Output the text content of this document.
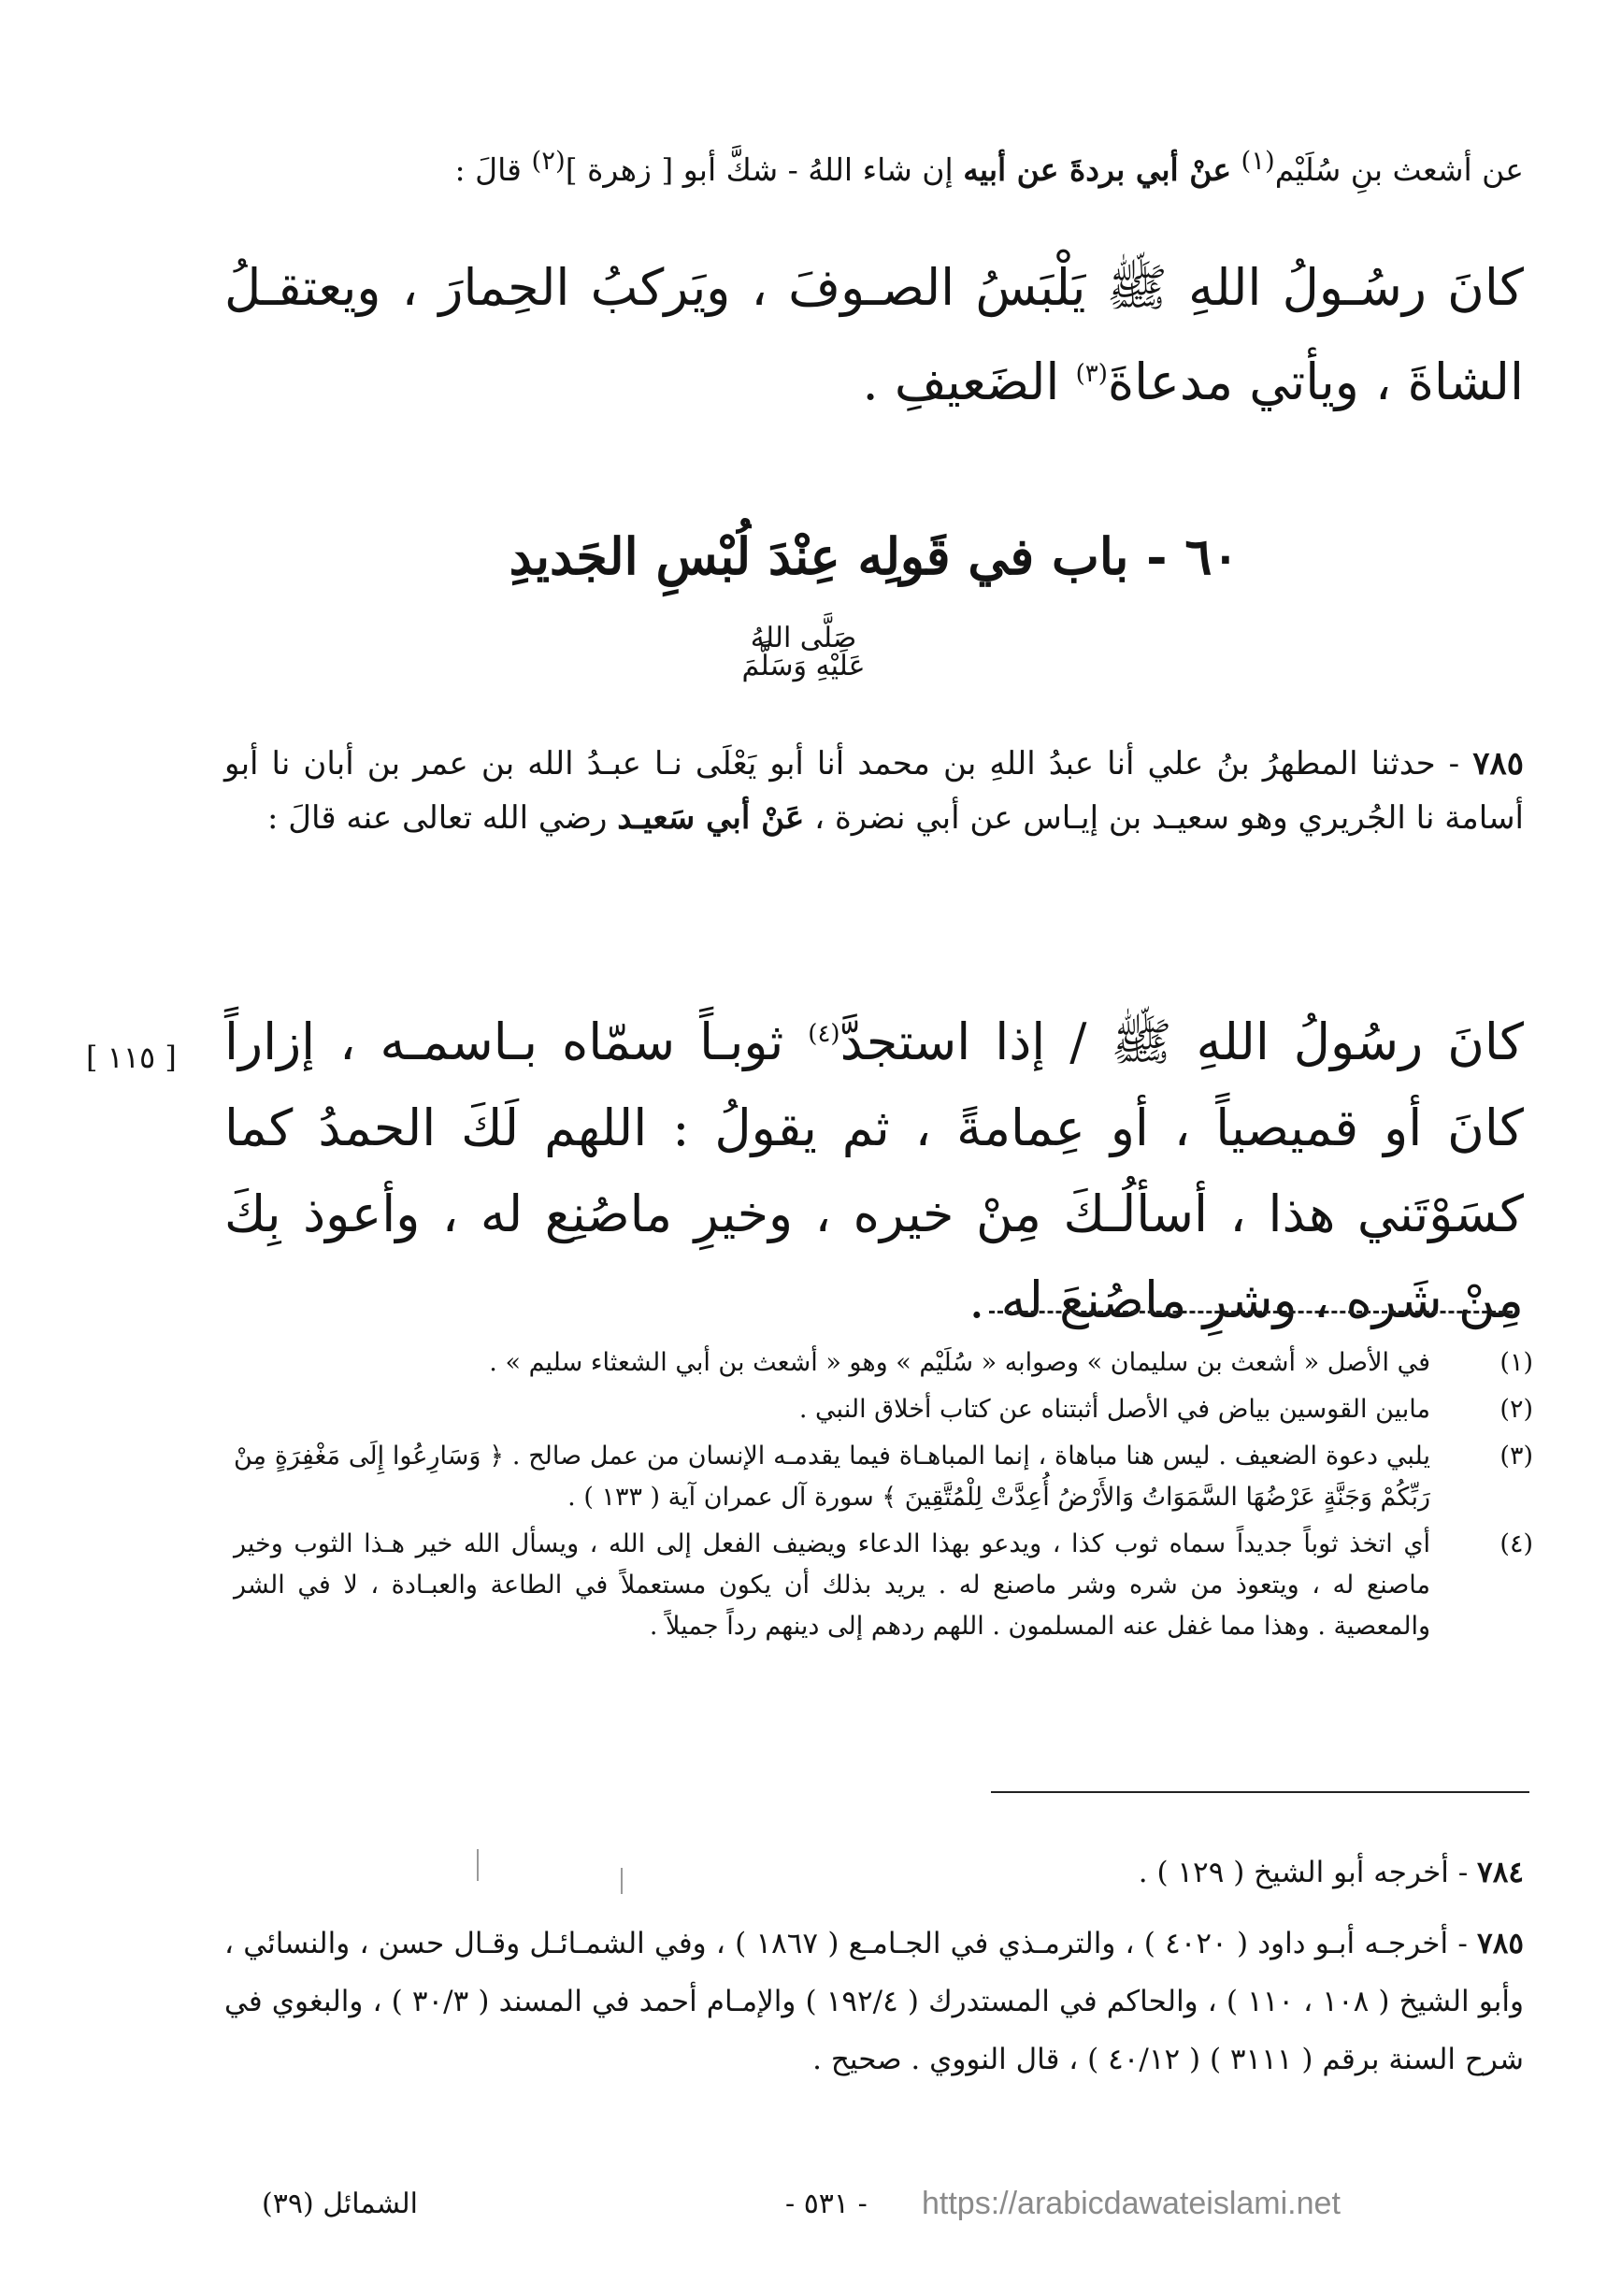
عن أشعث بنِ سُلَيْم$^{(١)}$ عنْ أبي بردةَ عن أبيه إن شاء اللهُ - شكَّ أبو [ زهرة ]$^{(٢)}$ قالَ :
كانَ رسُـولُ اللهِ ﷺ يَلْبَسُ الصـوفَ ، ويَركبُ الحِمارَ ، ويعتقـلُ الشاةَ ، ويأتي مدعاةَ$^{(٣)}$ الضَعيفِ .
٦٠ - باب في قَولِه عِنْدَ لُبْسِ الجَديدِ
صَلَّى اللهُ
عَلَيْهِ وَسَلَّمَ
٧٨٥ - حدثنا المطهرُ بنُ علي أنا عبدُ اللهِ بن محمد أنا أبو يَعْلَى نـا عبـدُ الله بن عمر بن أبان نا أبو أسامة نا الجُريري وهو سعيـد بن إيـاس عن أبي نضرة ، عَنْ أبي سَعيـد رضي الله تعالى عنه قالَ :
كانَ رسُولُ اللهِ ﷺ / إذا استجدَّ$^{(٤)}$ ثوبـاً سمّاه بـاسمـه ، إزاراً كانَ أو قميصياً ، أو عِمامةً ، ثم يقولُ : اللهم لَكَ الحمدُ كما كسَوْتَني هذا ، أسألُـكَ مِنْ خيره ، وخيرِ ماصُنِع له ، وأعوذ بِكَ مِنْ شَره ، وشرِ ماصُنعَ له .
[ ١١٥ ]
(١)
في الأصل « أشعث بن سليمان » وصوابه « سُلَيْم » وهو « أشعث بن أبي الشعثاء سليم » .
(٢)
مابين القوسين بياض في الأصل أثبتناه عن كتاب أخلاق النبي .
(٣)
يلبي دعوة الضعيف . ليس هنا مباهاة ، إنما المباهـاة فيما يقدمـه الإنسان من عمل صالح . ﴿ وَسَارِعُوا إِلَى مَغْفِرَةٍ مِنْ رَبِّكُمْ وَجَنَّةٍ عَرْضُهَا السَّمَوَاتُ وَالأَرْضُ أُعِدَّتْ لِلْمُتَّقِينَ ﴾ سورة آل عمران آية ( ١٣٣ ) .
(٤)
أي اتخذ ثوباً جديداً سماه ثوب كذا ، ويدعو بهذا الدعاء ويضيف الفعل إلى الله ، ويسأل الله خير هـذا الثوب وخير ماصنع له ، ويتعوذ من شره وشر ماصنع له . يريد بذلك أن يكون مستعملاً في الطاعة والعبـادة ، لا في الشر والمعصية . وهذا مما غفل عنه المسلمون . اللهم ردهم إلى دينهم رداً جميلاً .
٧٨٤ - أخرجه أبو الشيخ ( ١٢٩ ) .
٧٨٥ - أخرجـه أبـو داود ( ٤٠٢٠ ) ، والترمـذي في الجـامـع ( ١٨٦٧ ) ، وفي الشمـائـل وقـال حسن ، والنسائي ، وأبو الشيخ ( ١٠٨ ، ١١٠ ) ، والحاكم في المستدرك ( ١٩٢/٤ ) والإمـام أحمد في المسند ( ٣٠/٣ ) ، والبغوي في شرح السنة برقم ( ٣١١١ ) ( ٤٠/١٢ ) ، قال النووي . صحيح .
الشمائل (٣٩)	- ٥٣١ - https://arabicdawateislami.net
